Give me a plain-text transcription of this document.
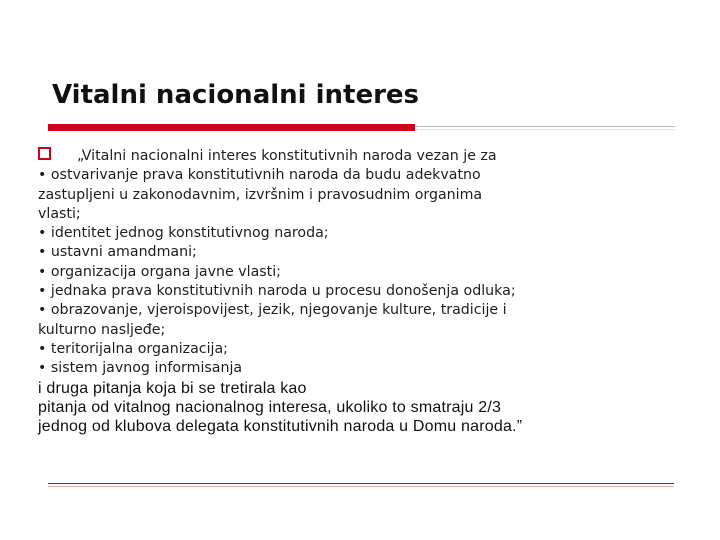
Vitalni nacionalni interes
„Vitalni nacionalni interes konstitutivnih naroda vezan je za
• ostvarivanje prava konstitutivnih naroda da budu adekvatno
zastupljeni u zakonodavnim, izvršnim i pravosudnim organima
vlasti;
• identitet jednog konstitutivnog naroda;
• ustavni amandmani;
• organizacija organa javne vlasti;
• jednaka prava konstitutivnih naroda u procesu donošenja odluka;
• obrazovanje, vjeroispovijest, jezik, njegovanje kulture, tradicije i
kulturno nasljeđe;
• teritorijalna organizacija;
• sistem javnog informisanja
i druga pitanja koja bi se tretirala kao
pitanja od vitalnog nacionalnog interesa, ukoliko to smatraju 2/3
jednog od klubova delegata konstitutivnih naroda u Domu naroda.”
